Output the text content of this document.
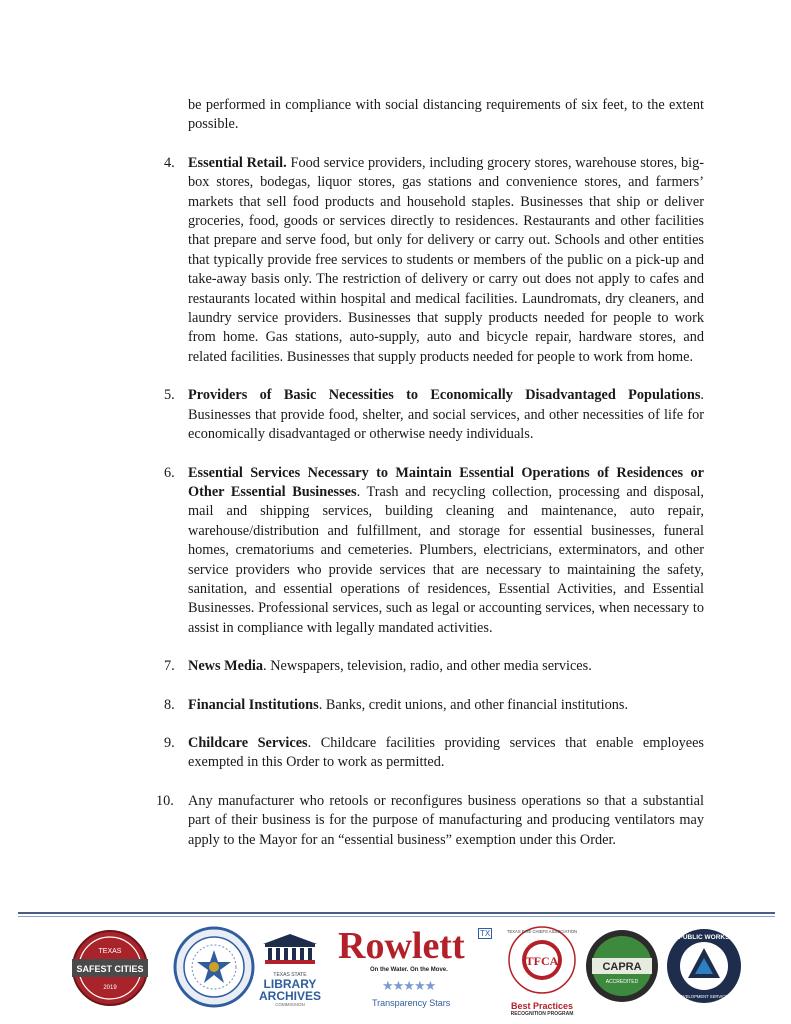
be performed in compliance with social distancing requirements of six feet, to the extent possible.

4. Essential Retail. Food service providers, including grocery stores, warehouse stores, big-box stores, bodegas, liquor stores, gas stations and convenience stores, and farmers’ markets that sell food products and household staples. Businesses that ship or deliver groceries, food, goods or services directly to residences. Restaurants and other facilities that prepare and serve food, but only for delivery or carry out. Schools and other entities that typically provide free services to students or members of the public on a pick-up and take-away basis only. The restriction of delivery or carry out does not apply to cafes and restaurants located within hospital and medical facilities. Laundromats, dry cleaners, and laundry service providers. Businesses that supply products needed for people to work from home. Gas stations, auto-supply, auto and bicycle repair, hardware stores, and related facilities. Businesses that supply products needed for people to work from home.
5. Providers of Basic Necessities to Economically Disadvantaged Populations. Businesses that provide food, shelter, and social services, and other necessities of life for economically disadvantaged or otherwise needy individuals.
6. Essential Services Necessary to Maintain Essential Operations of Residences or Other Essential Businesses. Trash and recycling collection, processing and disposal, mail and shipping services, building cleaning and maintenance, auto repair, warehouse/distribution and fulfillment, and storage for essential businesses, funeral homes, crematoriums and cemeteries. Plumbers, electricians, exterminators, and other service providers who provide services that are necessary to maintaining the safety, sanitation, and essential operations of residences, Essential Activities, and Essential Businesses. Professional services, such as legal or accounting services, when necessary to assist in compliance with legally mandated activities.
7. News Media. Newspapers, television, radio, and other media services.
8. Financial Institutions. Banks, credit unions, and other financial institutions.
9. Childcare Services. Childcare facilities providing services that enable employees exempted in this Order to work as permitted.
10. Any manufacturer who retools or reconfigures business operations so that a substantial part of their business is for the purpose of manufacturing and producing ventilators may apply to the Mayor for an “essential business” exemption under this Order.
TEXAS
SAFEST CITIES
2019
TEXAS STATE
LIBRARY
ARCHIVES
COMMISSION
Rowlett TX
On the Water. On the Move.
★★★★★
Transparency Stars
TFCA
TEXAS FIRE CHIEFS ASSOCIATION
Best Practices
RECOGNITION PROGRAM
CAPRA
ACCREDITED
PUBLIC WORKS
DEVELOPMENT SERVICES
